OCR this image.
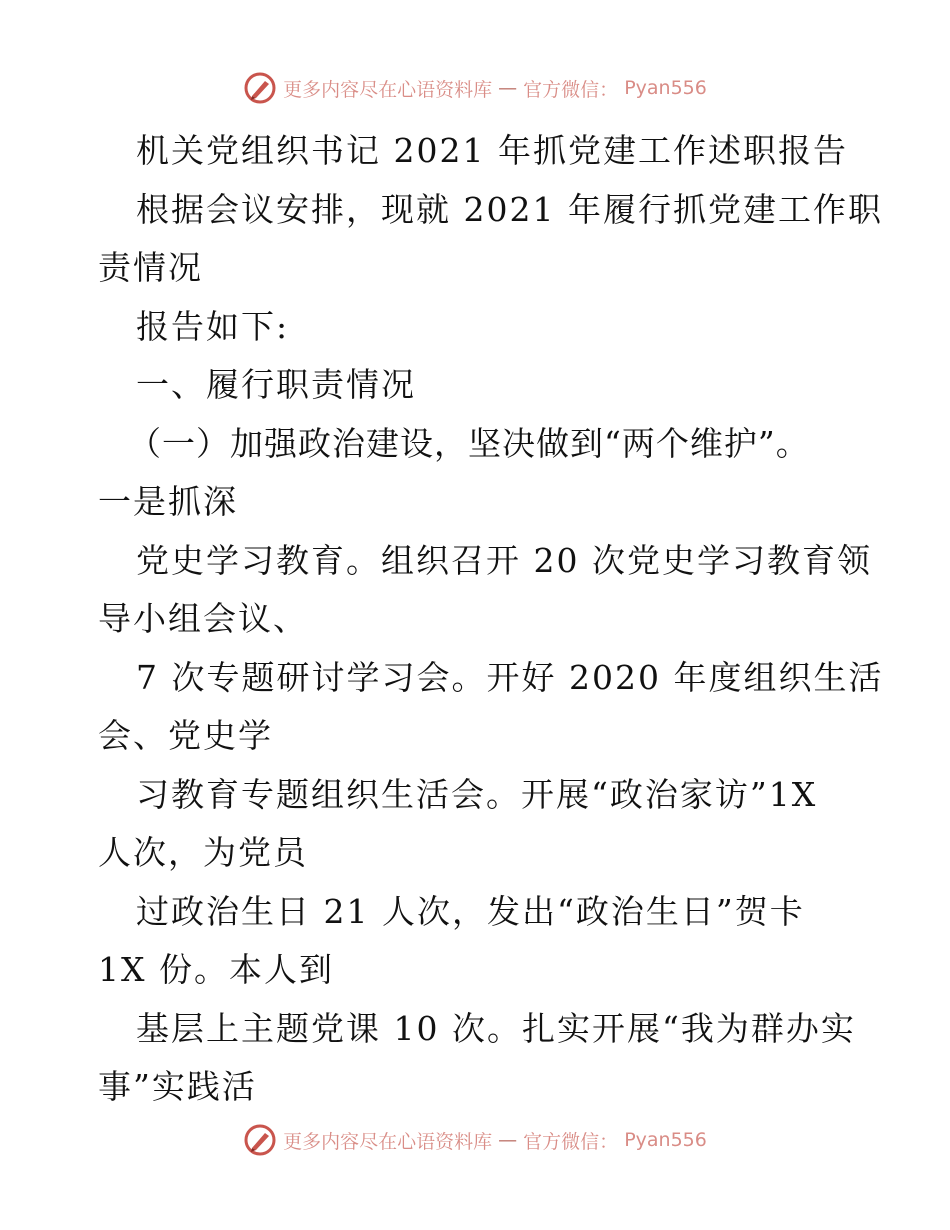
更多内容尽在心语资料库 — 官方微信： Pyan556
机关党组织书记 2021 年抓党建工作述职报告
根据会议安排，现就 2021 年履行抓党建工作职
责情况
报告如下:
一、履行职责情况
（一）加强政治建设，坚决做到“两个维护”。
一是抓深
党史学习教育。组织召开 20 次党史学习教育领
导小组会议、
7 次专题研讨学习会。开好 2020 年度组织生活
会、党史学
习教育专题组织生活会。开展“政治家访”1X
人次，为党员
过政治生日 21 人次，发出“政治生日”贺卡
1X 份。本人到
基层上主题党课 10 次。扎实开展“我为群办实
事”实践活
更多内容尽在心语资料库 — 官方微信： Pyan556
